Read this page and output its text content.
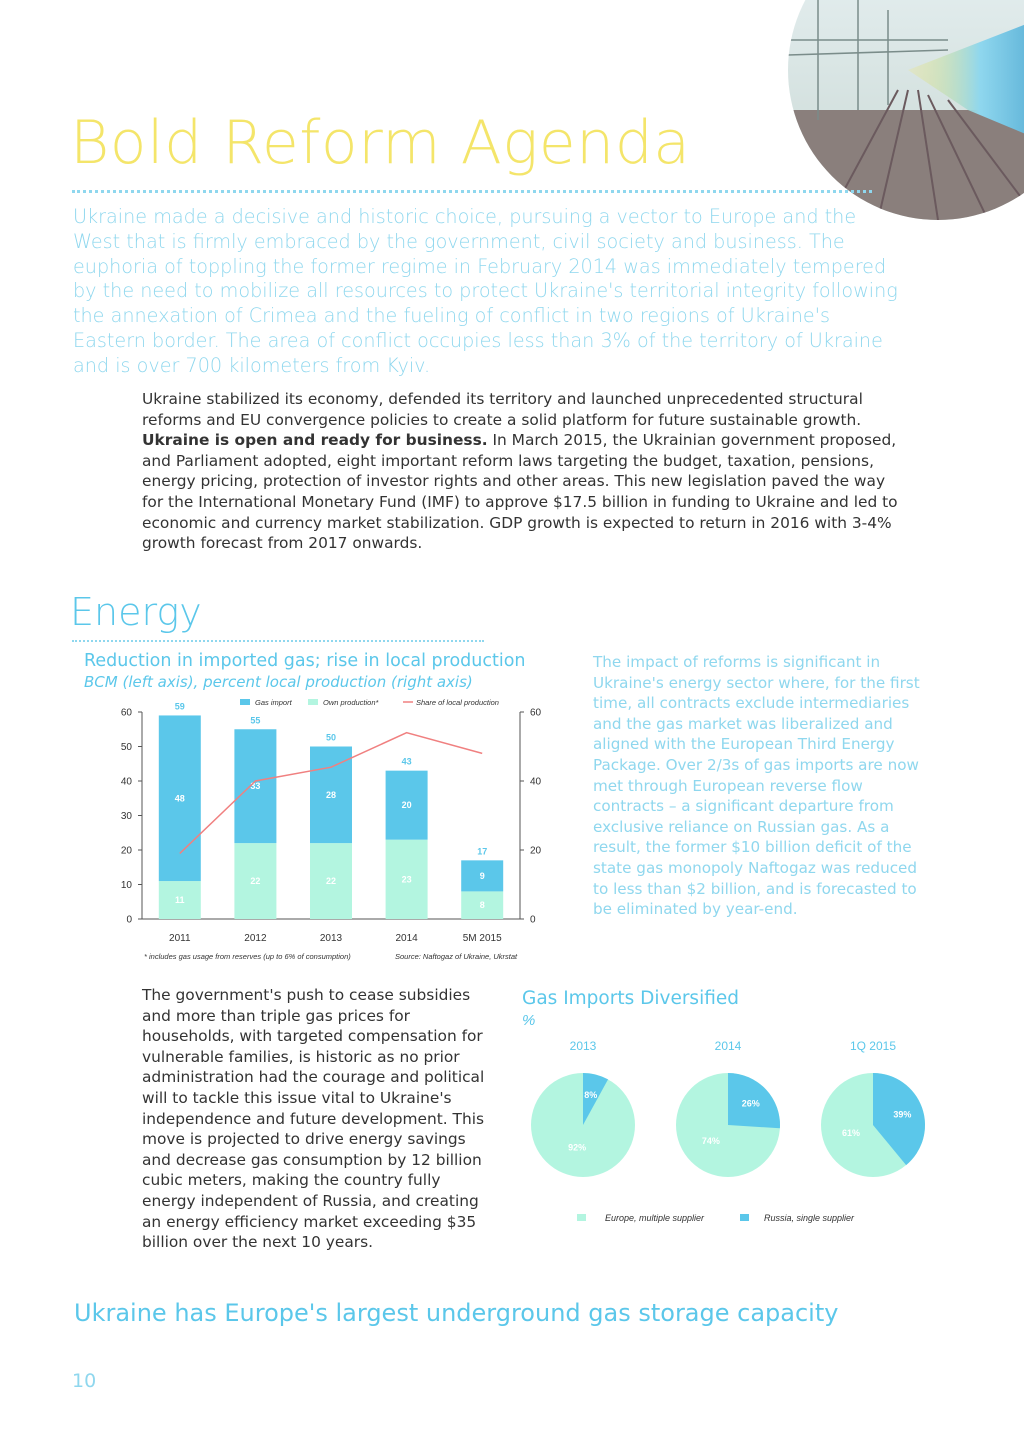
Bold Reform Agenda

Ukraine made a decisive and historic choice, pursuing a vector to Europe and the West that is firmly embraced by the government, civil society and business. The euphoria of toppling the former regime in February 2014 was immediately tempered by the need to mobilize all resources to protect Ukraine's territorial integrity following the annexation of Crimea and the fueling of conflict in two regions of Ukraine's Eastern border. The area of conflict occupies less than 3% of the territory of Ukraine and is over 700 kilometers from Kyiv.

Ukraine stabilized its economy, defended its territory and launched unprecedented structural reforms and EU convergence policies to create a solid platform for future sustainable growth. Ukraine is open and ready for business. In March 2015, the Ukrainian government proposed, and Parliament adopted, eight important reform laws targeting the budget, taxation, pensions, energy pricing, protection of investor rights and other areas. This new legislation paved the way for the International Monetary Fund (IMF) to approve $17.5 billion in funding to Ukraine and led to economic and currency market stabilization. GDP growth is expected to return in 2016 with 3-4% growth forecast from 2017 onwards.

Energy

Reduction in imported gas; rise in local production

BCM (left axis), percent local production (right axis)

0
10
20
30
40
50
60
0
20
40
60
11
48
59
2011
22
33
55
2012
22
28
50
2013
23
20
43
2014
8
9
17
5M 2015
Gas import	Own production*	Share of local production
* includes gas usage from reserves (up to 6% of consumption)	Source: Naftogaz of Ukraine, Ukrstat

The impact of reforms is significant in Ukraine's energy sector where, for the first time, all contracts exclude intermediaries and the gas market was liberalized and aligned with the European Third Energy Package. Over 2/3s of gas imports are now met through European reverse flow contracts – a significant departure from exclusive reliance on Russian gas. As a result, the former $10 billion deficit of the state gas monopoly Naftogaz was reduced to less than $2 billion, and is forecasted to be eliminated by year-end.

The government's push to cease subsidies and more than triple gas prices for households, with targeted compensation for vulnerable families, is historic as no prior administration had the courage and political will to tackle this issue vital to Ukraine's independence and future development. This move is projected to drive energy savings and decrease gas consumption by 12 billion cubic meters, making the country fully energy independent of Russia, and creating an energy efficiency market exceeding $35 billion over the next 10 years.

Gas Imports Diversified

%

2013
8%
92%
2014
26%
74%
1Q 2015
39%
61%
Europe, multiple supplier	Russia, single supplier

Ukraine has Europe's largest underground gas storage capacity

10
